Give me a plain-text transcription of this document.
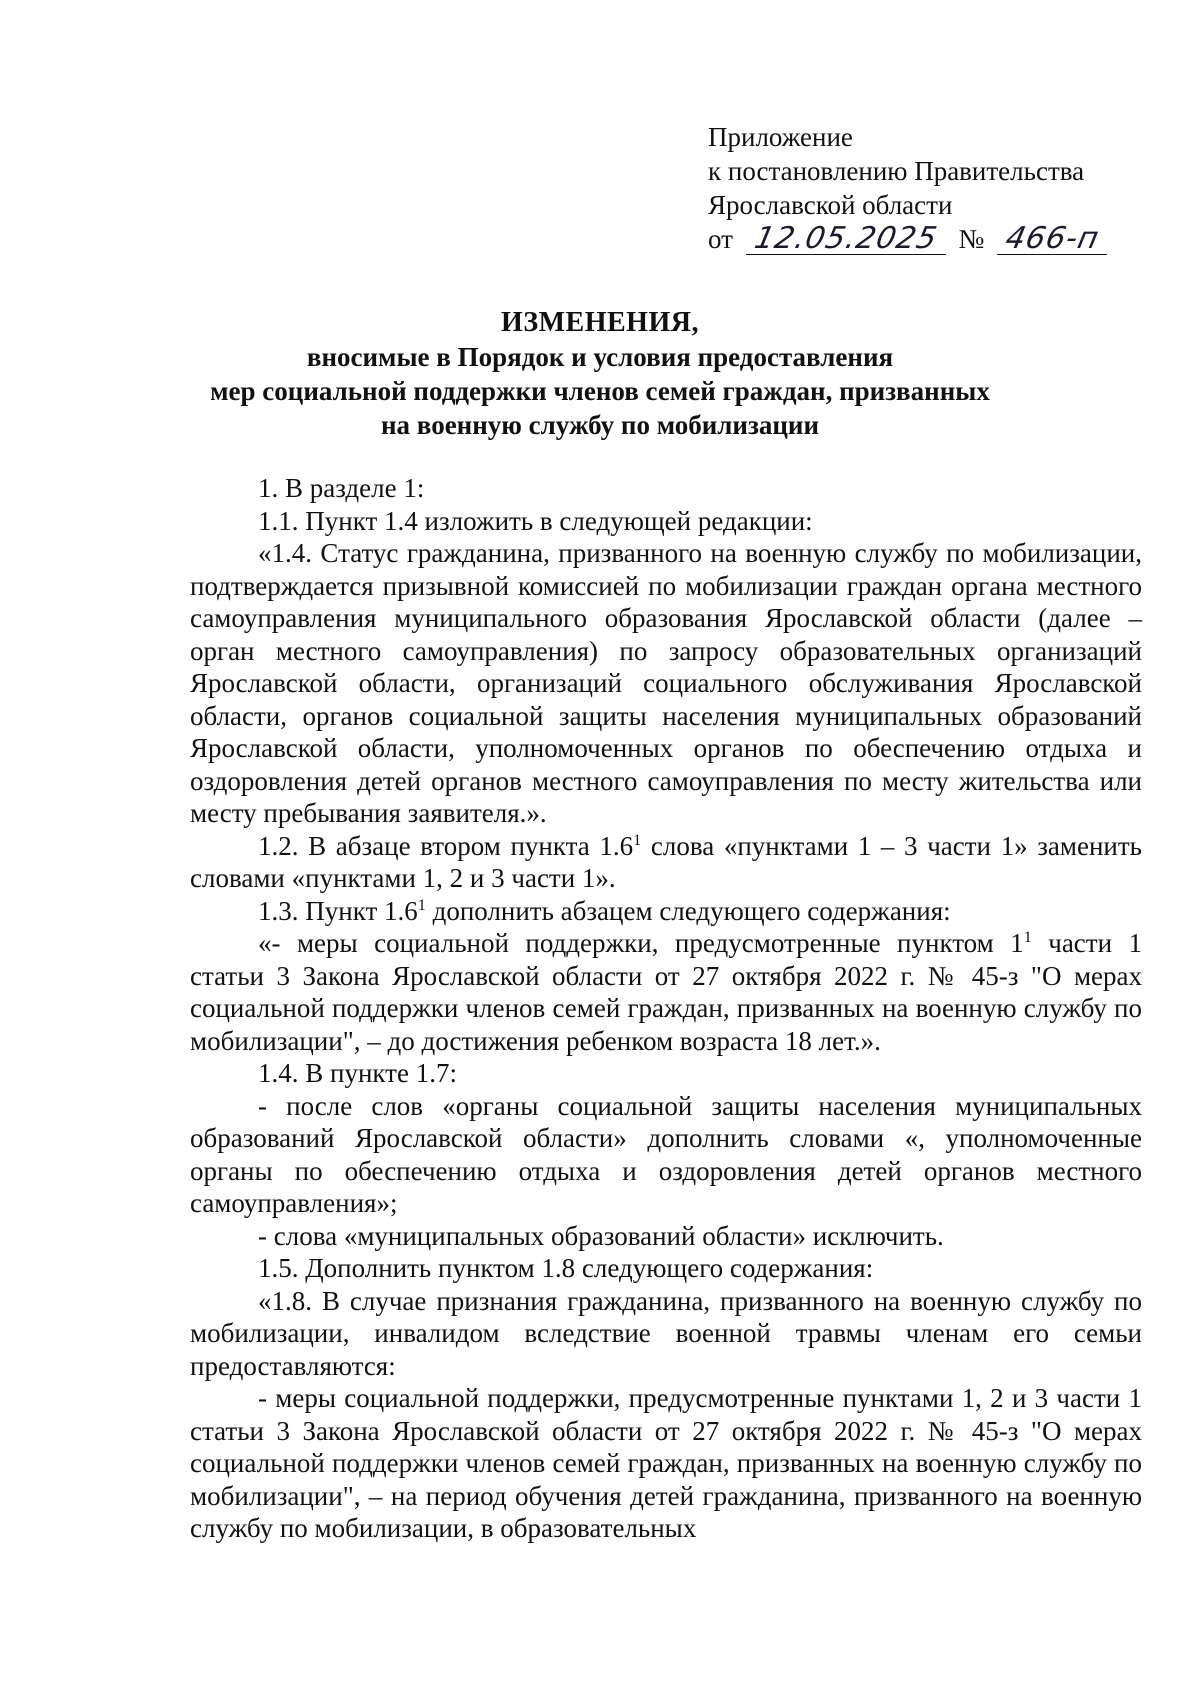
Приложение
к постановлению Правительства
Ярославской области
от 12.05.2025 № 466-п
ИЗМЕНЕНИЯ,
вносимые в Порядок и условия предоставления
мер социальной поддержки членов семей граждан, призванных
на военную службу по мобилизации

1. В разделе 1:

1.1. Пункт 1.4 изложить в следующей редакции:

«1.4. Статус гражданина, призванного на военную службу по мобилизации, подтверждается призывной комиссией по мобилизации граждан органа местного самоуправления муниципального образования Ярославской области (далее – орган местного самоуправления) по запросу образовательных организаций Ярославской области, организаций социального обслуживания Ярославской области, органов социальной защиты населения муниципальных образований Ярославской области, уполномоченных органов по обеспечению отдыха и оздоровления детей органов местного самоуправления по месту жительства или месту пребывания заявителя.».

1.2. В абзаце втором пункта $1.6^1$ слова «пунктами 1 – 3 части 1» заменить словами «пунктами 1, 2 и 3 части 1».

1.3. Пункт $1.6^1$ дополнить абзацем следующего содержания:

«- меры социальной поддержки, предусмотренные пунктом $1^1$ части 1 статьи 3 Закона Ярославской области от 27 октября 2022 г. № 45-з "О мерах социальной поддержки членов семей граждан, призванных на военную службу по мобилизации", – до достижения ребенком возраста 18 лет.».

1.4. В пункте 1.7:

- после слов «органы социальной защиты населения муниципальных образований Ярославской области» дополнить словами «, уполномоченные органы по обеспечению отдыха и оздоровления детей органов местного самоуправления»;

- слова «муниципальных образований области» исключить.

1.5. Дополнить пунктом 1.8 следующего содержания:

«1.8. В случае признания гражданина, призванного на военную службу по мобилизации, инвалидом вследствие военной травмы членам его семьи предоставляются:

- меры социальной поддержки, предусмотренные пунктами 1, 2 и 3 части 1 статьи 3 Закона Ярославской области от 27 октября 2022 г. № 45-з "О мерах социальной поддержки членов семей граждан, призванных на военную службу по мобилизации", – на период обучения детей гражданина, призванного на военную службу по мобилизации, в образовательных
